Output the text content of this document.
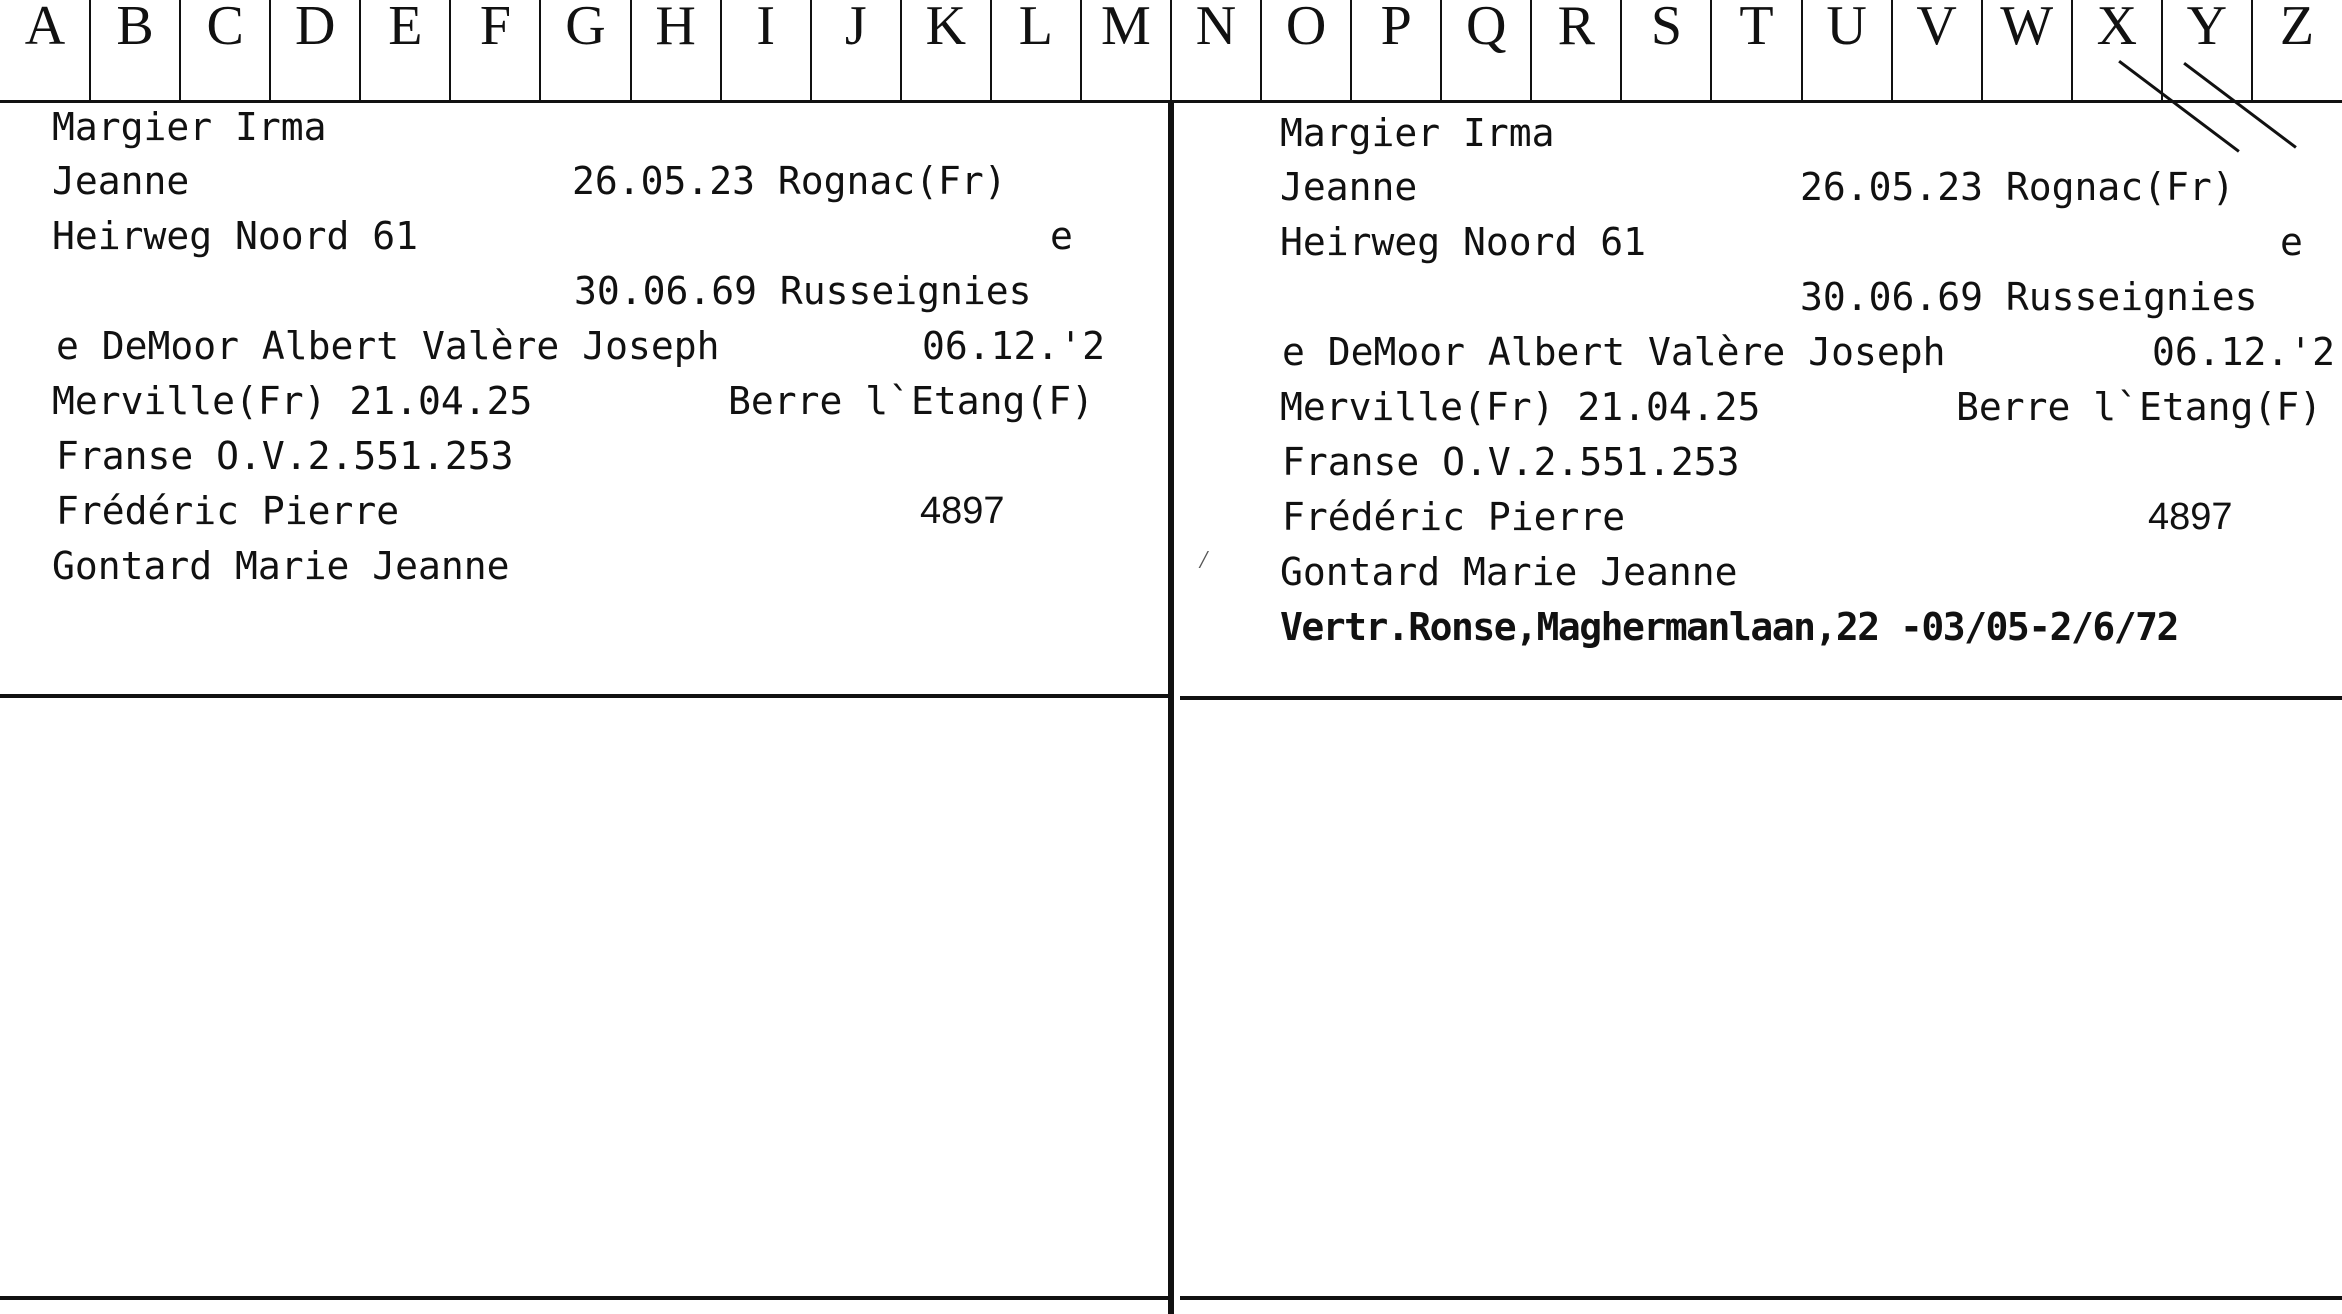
A B C D E	F G H	I	J	K L M N O P Q R S	T U V W X Y Z
Margier Irma

Jeanne

	26.05.23 Rognac(Fr)

Heirweg Noord 61

	e

30.06.69 Russeignies

e DeMoor Albert Valère Joseph

	06.12.'2

Merville(Fr) 21.04.25

	Berre l`Etang(F)

Franse O.V.2.551.253

Frédéric Pierre

	4897

Gontard Marie Jeanne

Margier Irma

Jeanne

	26.05.23 Rognac(Fr)

Heirweg Noord 61

	e

30.06.69 Russeignies

e DeMoor Albert Valère Joseph

	06.12.'2

Merville(Fr) 21.04.25

	Berre l`Etang(F)

Franse O.V.2.551.253

Frédéric Pierre

	4897

Gontard Marie Jeanne

Vertr.Ronse,Maghermanlaan,22 -03/05-2/6/72

⁄
